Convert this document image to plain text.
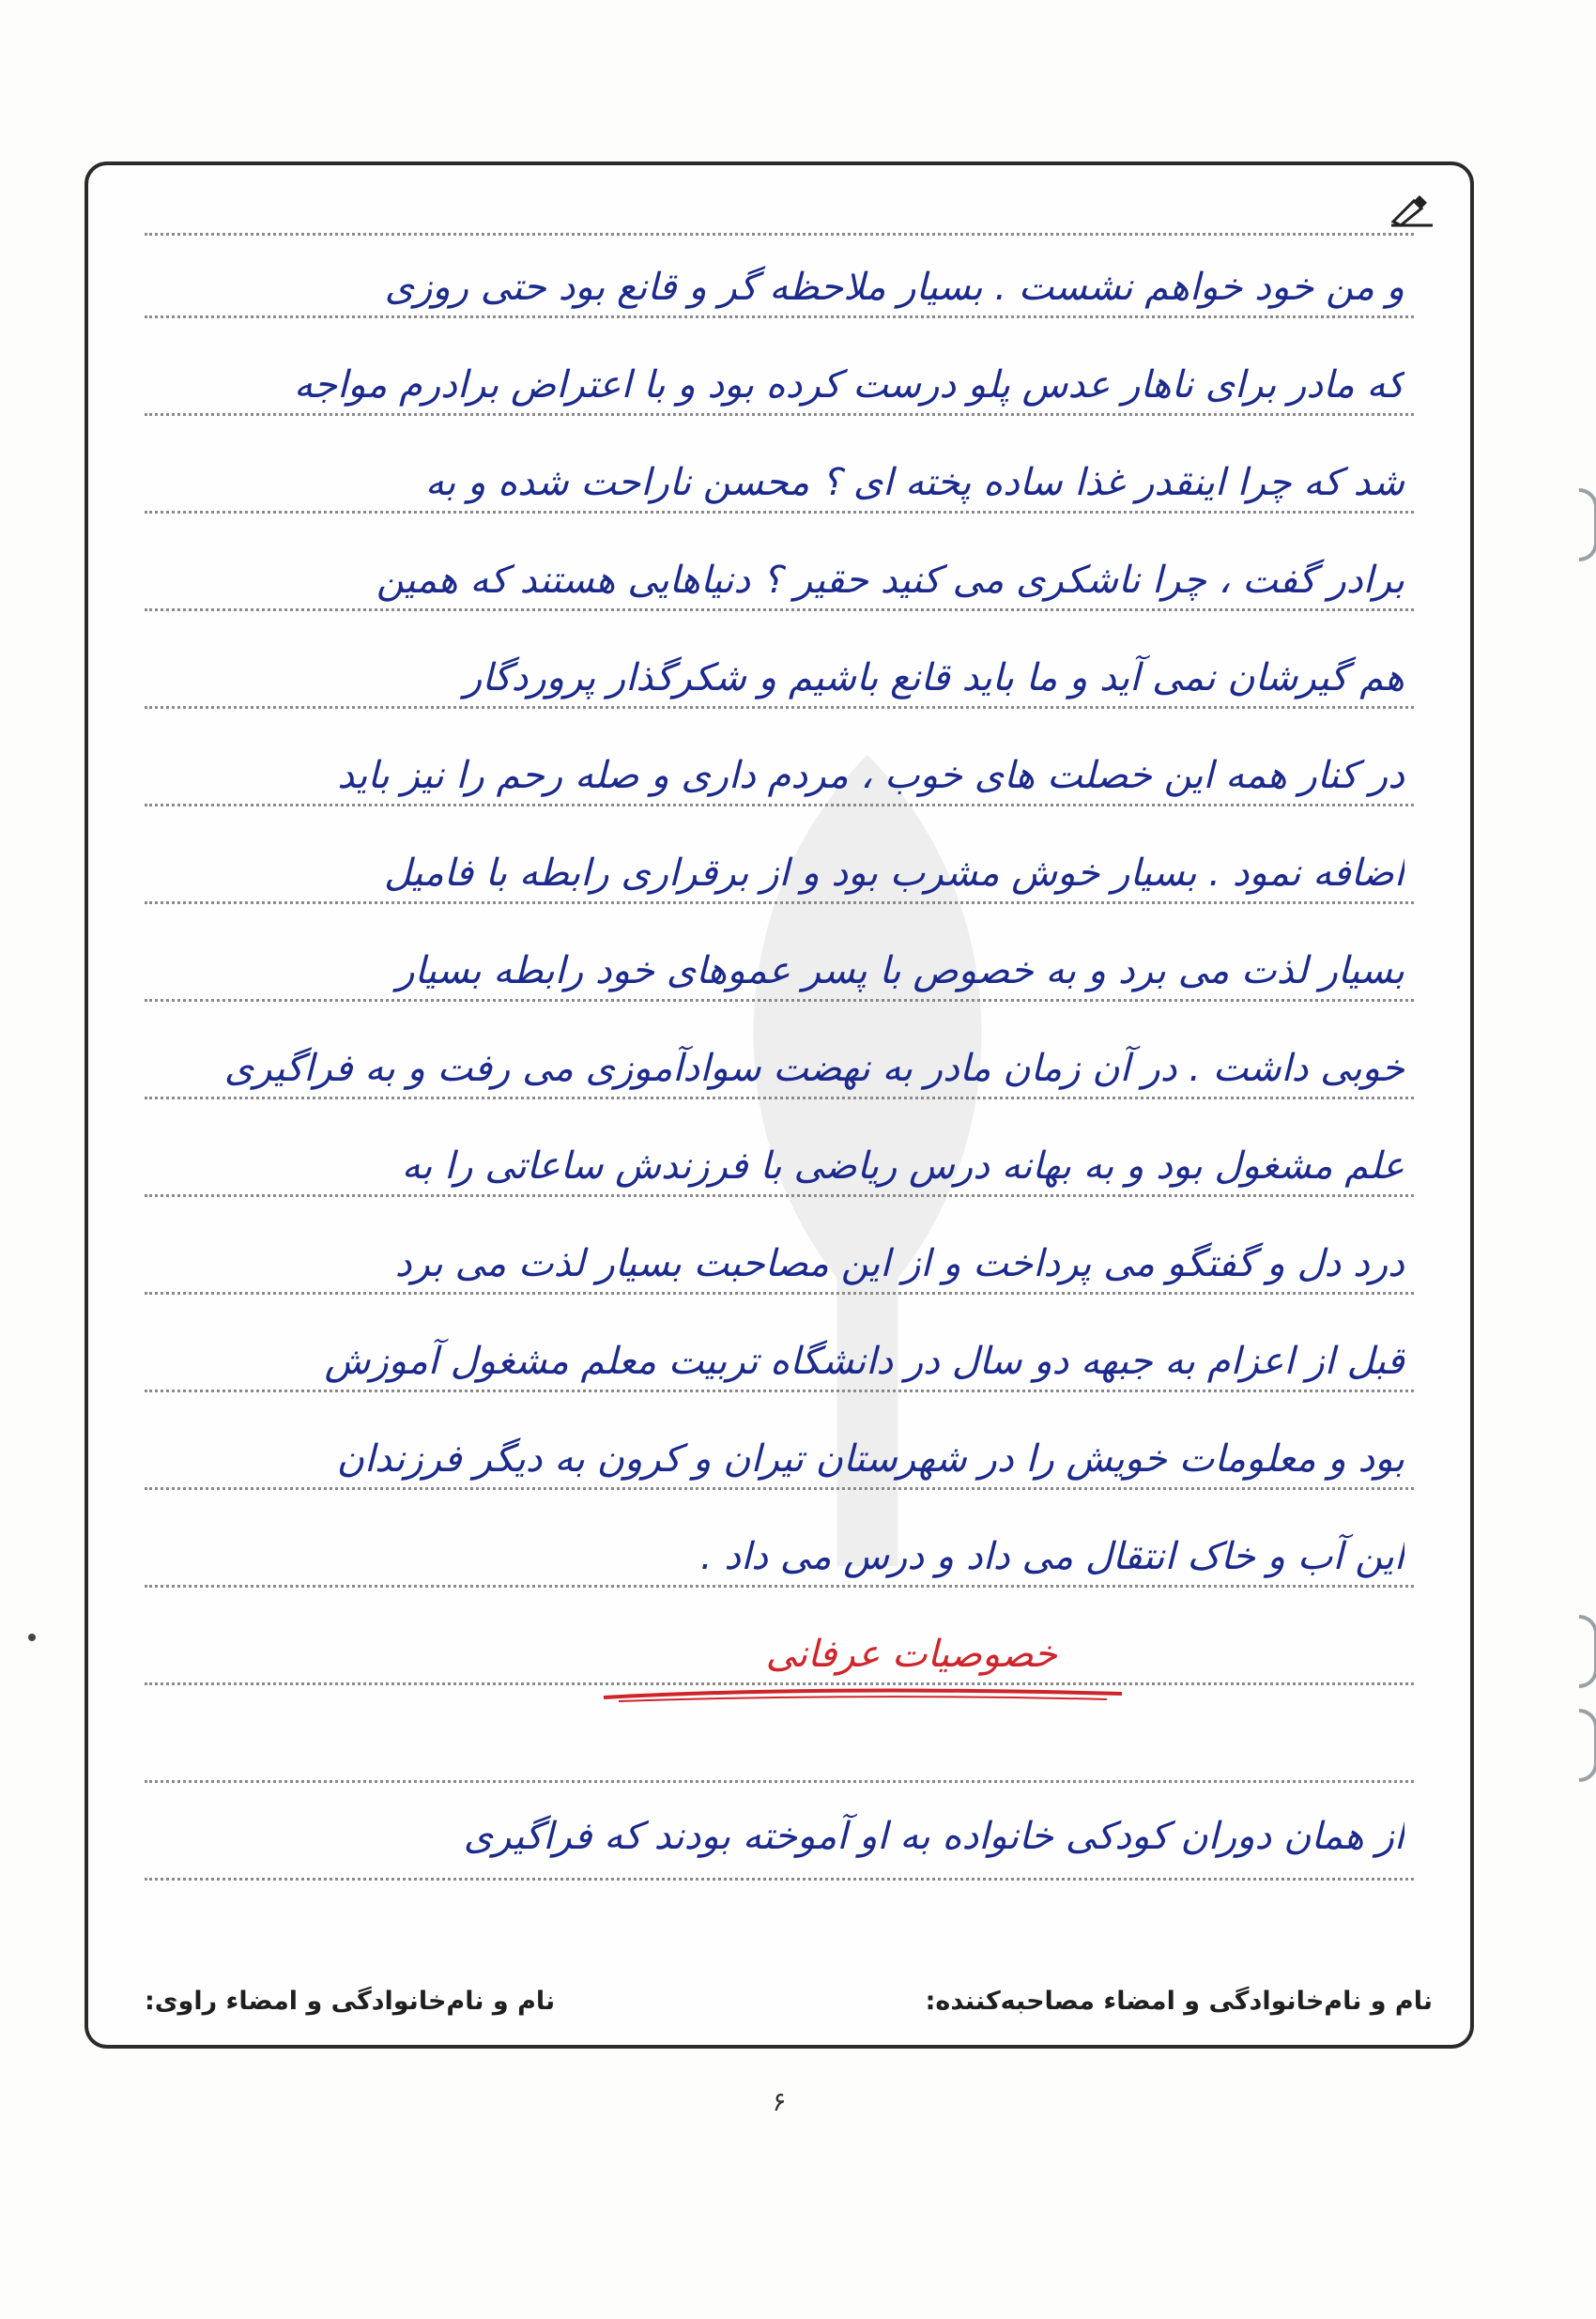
و من خود خواهم نشست . بسیار ملاحظه گر و قانع بود حتی روزی
که مادر برای ناهار عدس پلو درست کرده بود و با اعتراض برادرم مواجه
شد که چرا اینقدر غذا ساده پخته ای ؟ محسن ناراحت شده و به
برادر گفت ، چرا ناشکری می کنید حقیر ؟ دنیاهایی هستند که همین
هم گیرشان نمی آید و ما باید قانع باشیم و شکرگذار پروردگار
در کنار همه این خصلت های خوب ، مردم داری و صله رحم را نیز باید
اضافه نمود . بسیار خوش مشرب بود و از برقراری رابطه با فامیل
بسیار لذت می برد و به خصوص با پسر عموهای خود رابطه بسیار
خوبی داشت . در آن زمان مادر به نهضت سوادآموزی می رفت و به فراگیری
علم مشغول بود و به بهانه درس ریاضی با فرزندش ساعاتی را به
درد دل و گفتگو می پرداخت و از این مصاحبت بسیار لذت می برد
قبل از اعزام به جبهه دو سال در دانشگاه تربیت معلم مشغول آموزش
بود و معلومات خویش را در شهرستان تیران و کرون به دیگر فرزندان
این آب و خاک انتقال می داد و درس می داد .
خصوصیات عرفانی
از همان دوران کودکی خانواده به او آموخته بودند که فراگیری
نام و نام‌خانوادگی و امضاء مصاحبه‌کننده:
نام و نام‌خانوادگی و امضاء راوی:
۶
